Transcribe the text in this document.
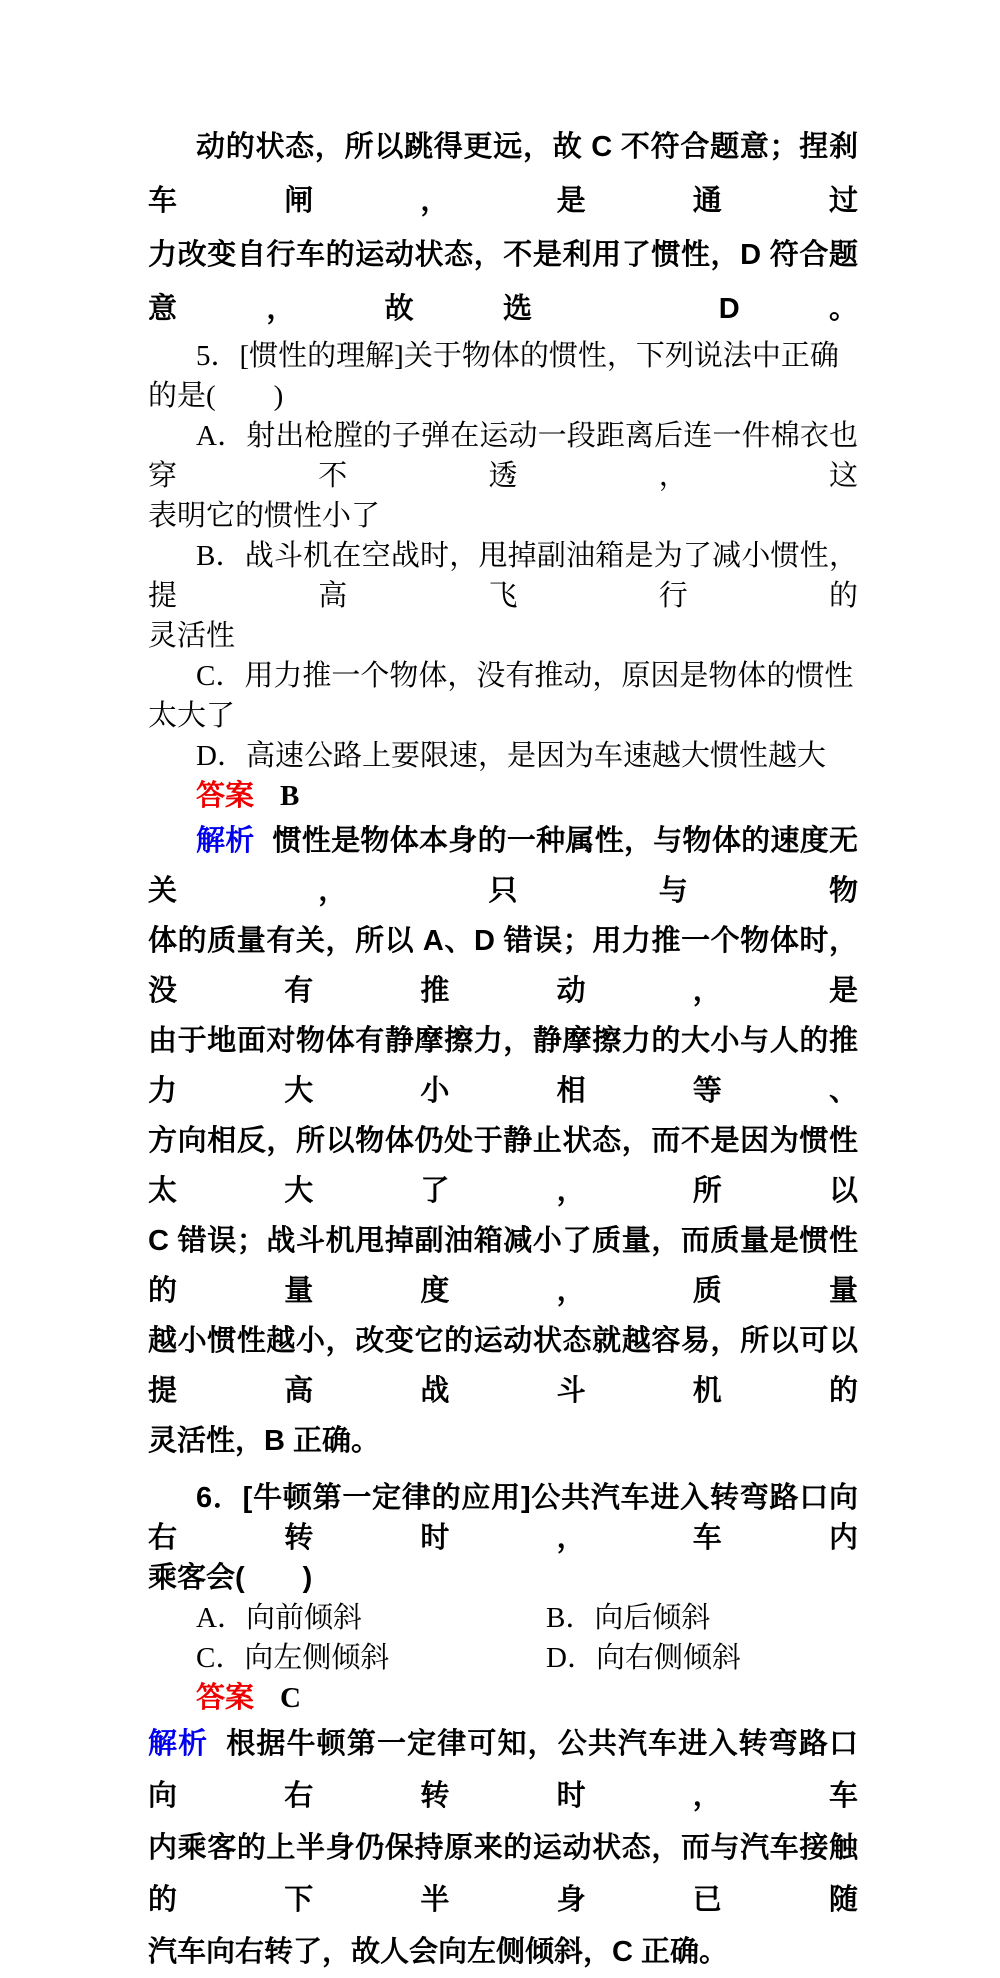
动的状态，所以跳得更远，故 C 不符合题意；捏刹车闸，是通过
力改变自行车的运动状态，不是利用了惯性，D 符合题意，故选 D。
5．[惯性的理解]关于物体的惯性，下列说法中正确的是(　　)
A．射出枪膛的子弹在运动一段距离后连一件棉衣也穿不透，这
表明它的惯性小了
B．战斗机在空战时，甩掉副油箱是为了减小惯性，提高飞行的
灵活性
C．用力推一个物体，没有推动，原因是物体的惯性太大了
D．高速公路上要限速，是因为车速越大惯性越大
答案 B
解析 惯性是物体本身的一种属性，与物体的速度无关，只与物
体的质量有关，所以 A、D 错误；用力推一个物体时，没有推动，是
由于地面对物体有静摩擦力，静摩擦力的大小与人的推力大小相等、
方向相反，所以物体仍处于静止状态，而不是因为惯性太大了，所以
C 错误；战斗机甩掉副油箱减小了质量，而质量是惯性的量度，质量
越小惯性越小，改变它的运动状态就越容易，所以可以提高战斗机的
灵活性，B 正确。
6．[牛顿第一定律的应用]公共汽车进入转弯路口向右转时，车内
乘客会(　　)
A．向前倾斜	B．向后倾斜
C．向左侧倾斜	D．向右侧倾斜
答案 C
解析 根据牛顿第一定律可知，公共汽车进入转弯路口向右转时，车
内乘客的上半身仍保持原来的运动状态，而与汽车接触的下半身已随
汽车向右转了，故人会向左侧倾斜，C 正确。
